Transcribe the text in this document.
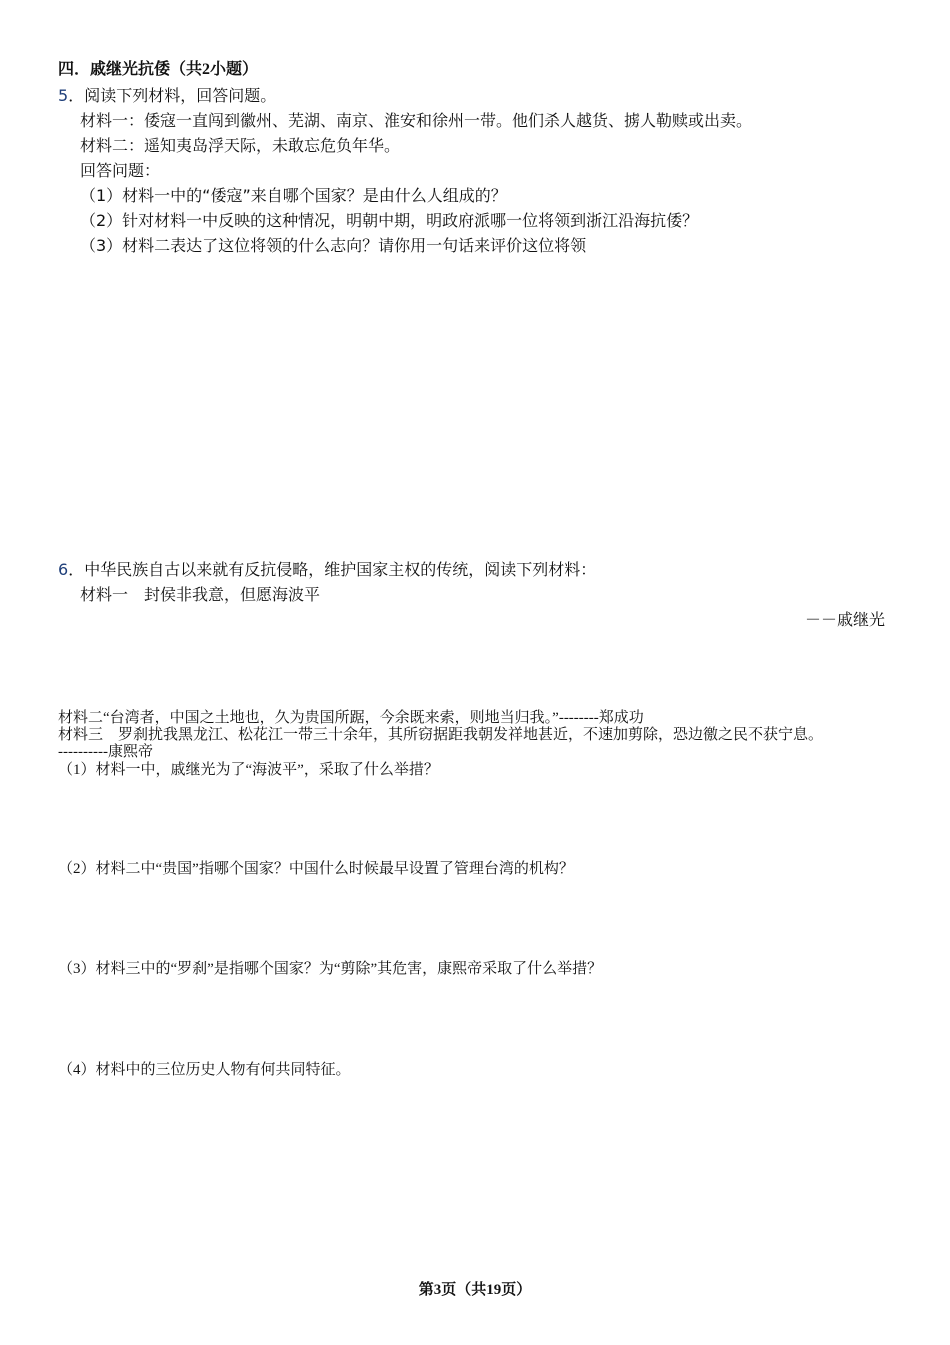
四．戚继光抗倭（共2小题）
5．阅读下列材料，回答问题。
材料一：倭寇一直闯到徽州、芜湖、南京、淮安和徐州一带。他们杀人越货、掳人勒赎或出卖。
材料二：遥知夷岛浮天际，未敢忘危负年华。
回答问题：
（1）材料一中的“倭寇”来自哪个国家？是由什么人组成的？
（2）针对材料一中反映的这种情况，明朝中期，明政府派哪一位将领到浙江沿海抗倭？
（3）材料二表达了这位将领的什么志向？请你用一句话来评价这位将领
6．中华民族自古以来就有反抗侵略，维护国家主权的传统，阅读下列材料：
材料一　封侯非我意，但愿海波平
－－戚继光
材料二“台湾者，中国之土地也，久为贵国所踞，今余既来索，则地当归我。”--------郑成功
材料三　罗刹扰我黑龙江、松花江一带三十余年，其所窃据距我朝发祥地甚近，不速加剪除，恐边徼之民不获宁息。
----------康熙帝
（1）材料一中，戚继光为了“海波平”，采取了什么举措？
（2）材料二中“贵国”指哪个国家？中国什么时候最早设置了管理台湾的机构？
（3）材料三中的“罗刹”是指哪个国家？为“剪除”其危害，康熙帝采取了什么举措？
（4）材料中的三位历史人物有何共同特征。
第3页（共19页）
